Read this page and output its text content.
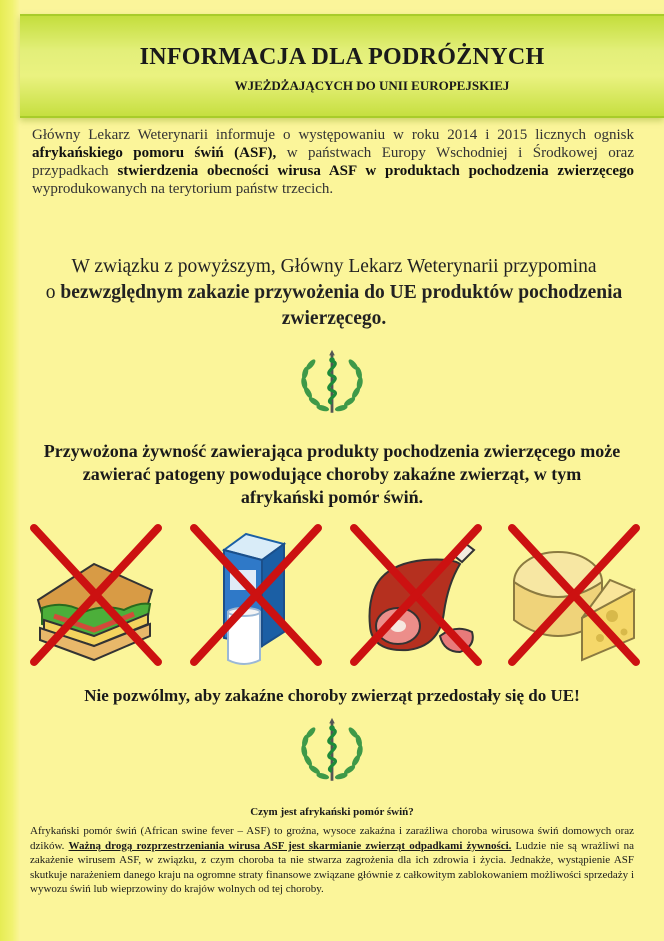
INFORMACJA DLA PODRÓŻNYCH
WJEŻDŻAJĄCYCH DO UNII EUROPEJSKIEJ
Główny Lekarz Weterynarii informuje o występowaniu w roku 2014 i 2015 licznych ognisk afrykańskiego pomoru świń (ASF), w państwach Europy Wschodniej i Środkowej oraz przypadkach stwierdzenia obecności wirusa ASF w produktach pochodzenia zwierzęcego wyprodukowanych na terytorium państw trzecich.
W związku z powyższym, Główny Lekarz Weterynarii przypomina
o bezwzględnym zakazie przywożenia do UE produktów pochodzenia zwierzęcego.
Przywożona żywność zawierająca produkty pochodzenia zwierzęcego może zawierać patogeny powodujące choroby zakaźne zwierząt, w tym afrykański pomór świń.
Nie pozwólmy, aby zakaźne choroby zwierząt przedostały się do UE!
Czym jest afrykański pomór świń?
Afrykański pomór świń (African swine fever – ASF) to groźna, wysoce zakaźna i zaraźliwa choroba wirusowa świń domowych oraz dzików. Ważną drogą rozprzestrzeniania wirusa ASF jest skarmianie zwierząt odpadkami żywności. Ludzie nie są wrażliwi na zakażenie wirusem ASF, w związku, z czym choroba ta nie stwarza zagrożenia dla ich zdrowia i życia. Jednakże, wystąpienie ASF skutkuje narażeniem danego kraju na ogromne straty finansowe związane głównie z całkowitym zablokowaniem możliwości sprzedaży i wywozu świń lub wieprzowiny do krajów wolnych od tej choroby.
